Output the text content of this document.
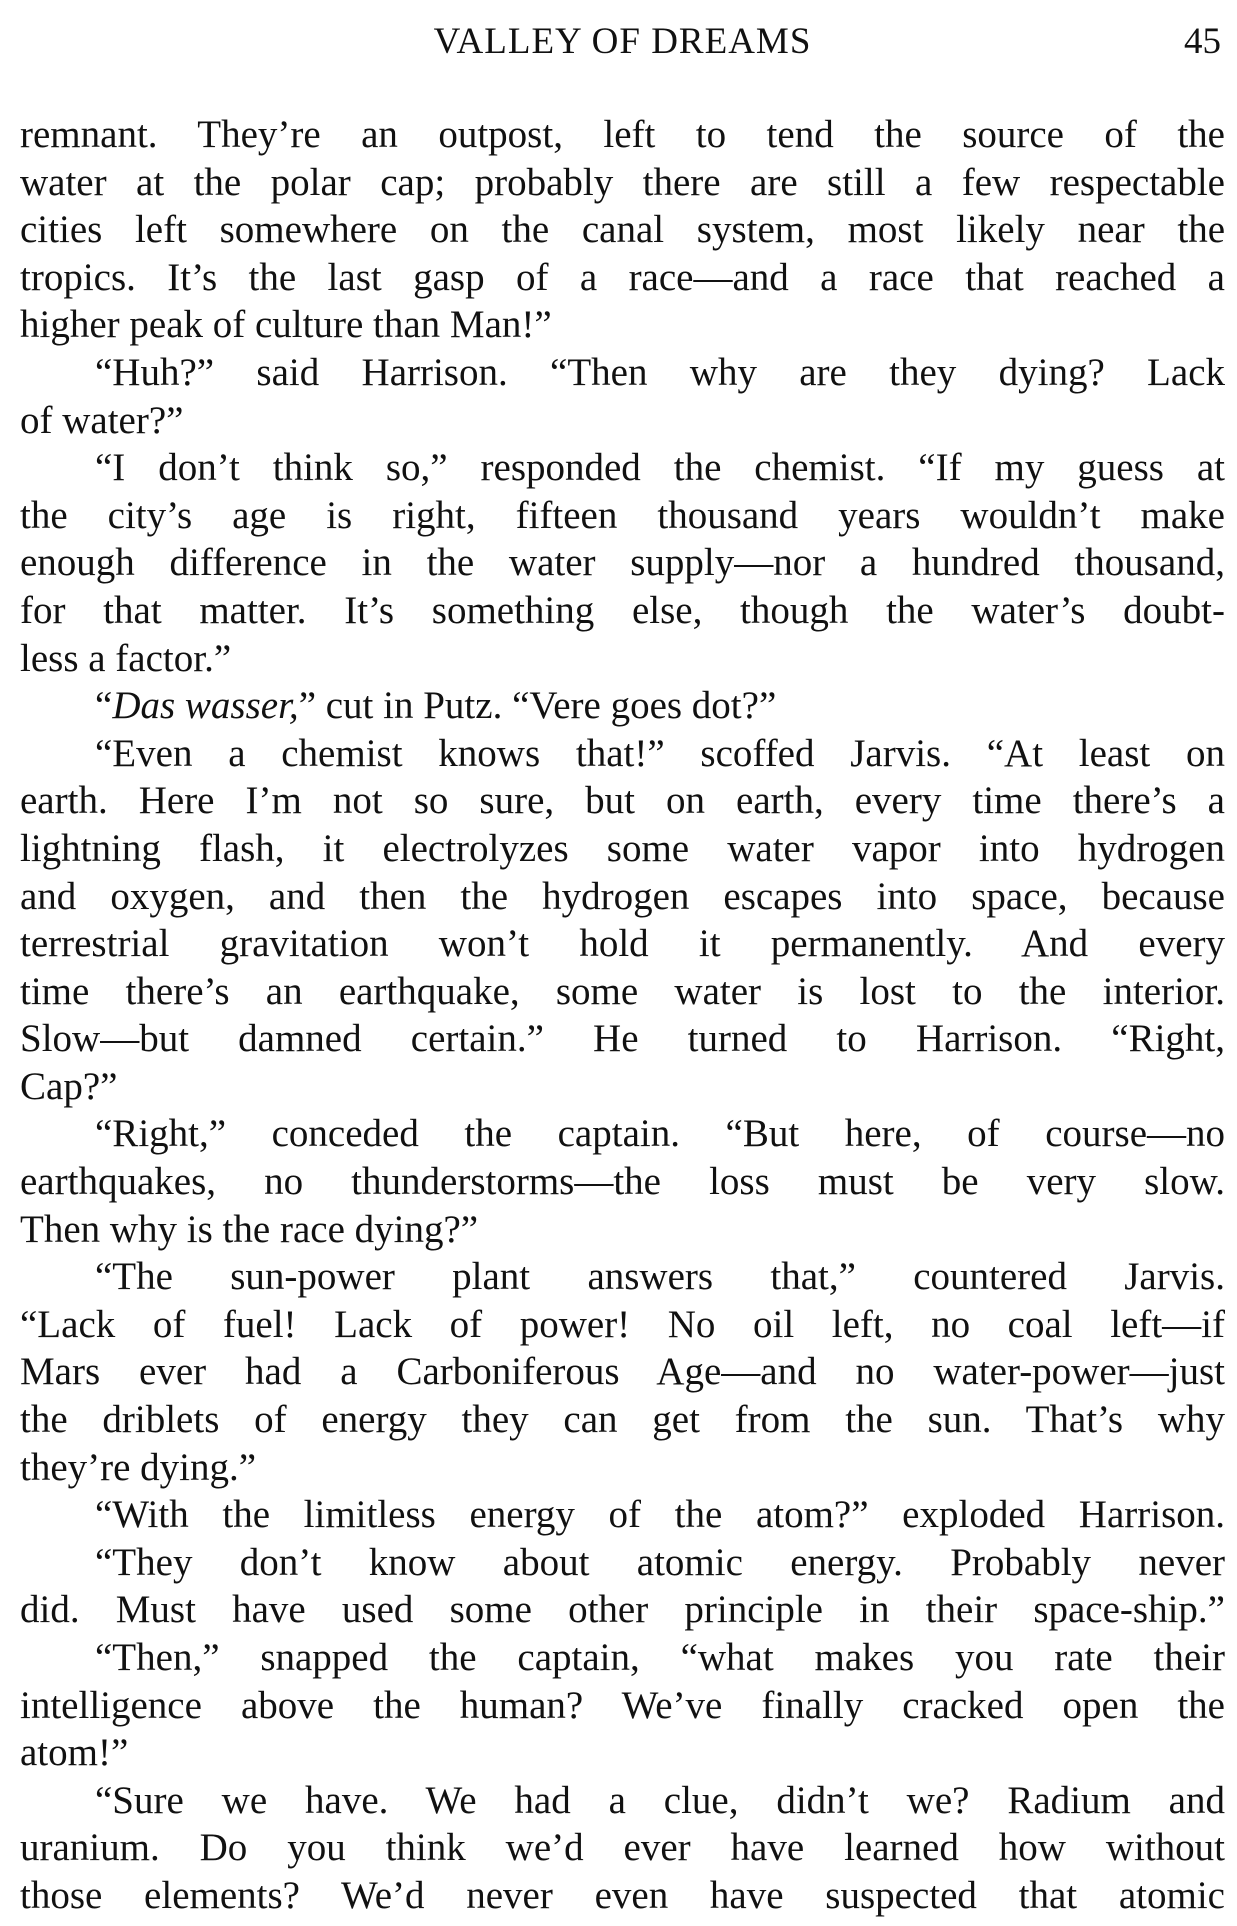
VALLEY OF DREAMS	45
remnant. They’re an outpost, left to tend the source of the
water at the polar cap; probably there are still a few respectable
cities left somewhere on the canal system, most likely near the
tropics. It’s the last gasp of a race—and a race that reached a
higher peak of culture than Man!”
“Huh?” said Harrison. “Then why are they dying? Lack
of water?”
“I don’t think so,” responded the chemist. “If my guess at
the city’s age is right, fifteen thousand years wouldn’t make
enough difference in the water supply—nor a hundred thousand,
for that matter. It’s something else, though the water’s doubt-
less a factor.”
“Das wasser,” cut in Putz. “Vere goes dot?”
“Even a chemist knows that!” scoffed Jarvis. “At least on
earth. Here I’m not so sure, but on earth, every time there’s a
lightning flash, it electrolyzes some water vapor into hydrogen
and oxygen, and then the hydrogen escapes into space, because
terrestrial gravitation won’t hold it permanently. And every
time there’s an earthquake, some water is lost to the interior.
Slow—but damned certain.” He turned to Harrison. “Right,
Cap?”
“Right,” conceded the captain. “But here, of course—no
earthquakes, no thunderstorms—the loss must be very slow.
Then why is the race dying?”
“The sun-power plant answers that,” countered Jarvis.
“Lack of fuel! Lack of power! No oil left, no coal left—if
Mars ever had a Carboniferous Age—and no water-power—just
the driblets of energy they can get from the sun. That’s why
they’re dying.”
“With the limitless energy of the atom?” exploded Harrison.
“They don’t know about atomic energy. Probably never
did. Must have used some other principle in their space-ship.”
“Then,” snapped the captain, “what makes you rate their
intelligence above the human? We’ve finally cracked open the
atom!”
“Sure we have. We had a clue, didn’t we? Radium and
uranium. Do you think we’d ever have learned how without
those elements? We’d never even have suspected that atomic
